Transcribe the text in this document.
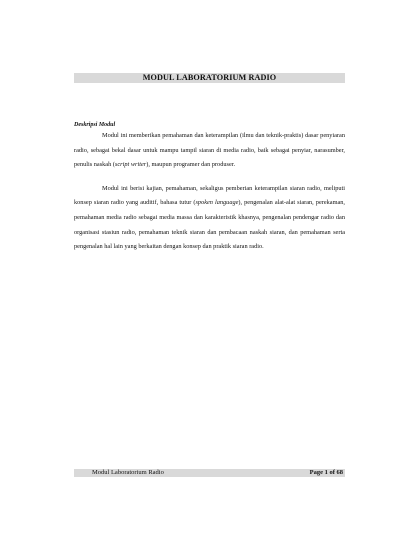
MODUL LABORATORIUM RADIO
Deskripsi Modul

Modul ini memberikan pemahaman dan keterampilan (ilmu dan teknik-praktis) dasar penyiaran radio, sebagai bekal dasar untuk mampu tampil siaran di media radio, baik sebagai penyiar, narasumber, penulis naskah (script writer), maupun programer dan produser.

Modul ini berisi kajian, pemahaman, sekaligus pemberian keterampilan siaran radio, meliputi konsep siaran radio yang auditif, bahasa tutur (spoken language), pengenalan alat-alat siaran, perekaman, pemahaman media radio sebagai media massa dan karakteristik khasnya, pengenalan pendengar radio dan organisasi stasiun radio, pemahaman teknik siaran dan pembacaan naskah siaran, dan pemahaman serta pengenalan hal lain yang berkaitan dengan konsep dan praktik siaran radio.

Modul Laboratorium Radio	Page 1 of 68
